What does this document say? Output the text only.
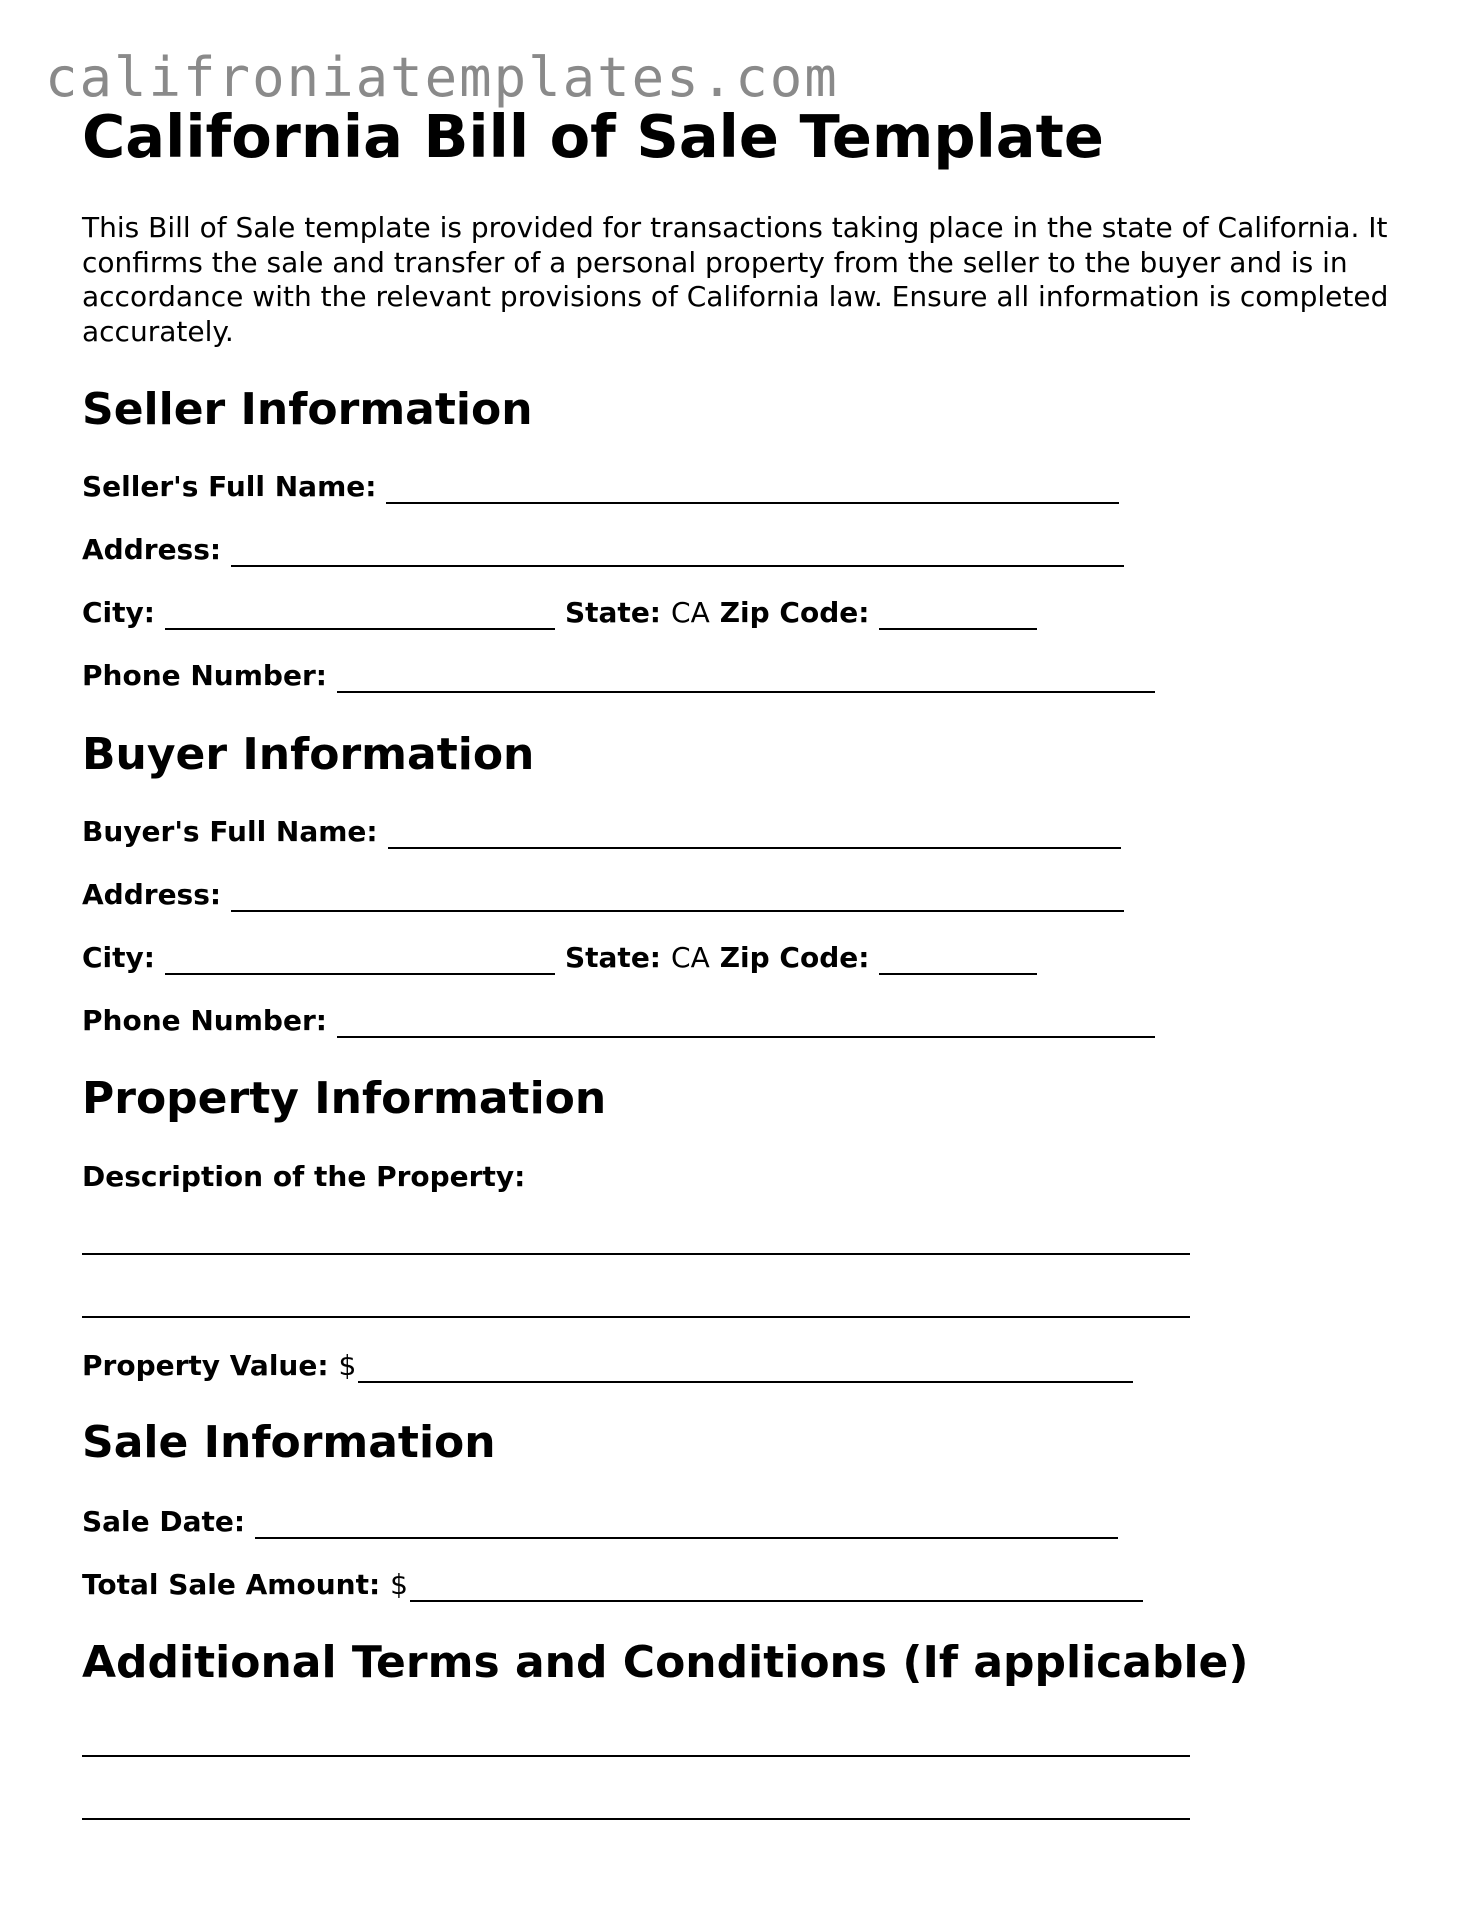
califroniatemplates.com
California Bill of Sale Template

This Bill of Sale template is provided for transactions taking place in the state of California. It confirms the sale and transfer of a personal property from the seller to the buyer and is in accordance with the relevant provisions of California law. Ensure all information is completed accurately.

Seller Information
Seller's Full Name:
Address:
City:	State: CA Zip Code:
Phone Number:
Buyer Information
Buyer's Full Name:
Address:
City:	State: CA Zip Code:
Phone Number:
Property Information
Description of the Property:
Property Value: $
Sale Information
Sale Date:
Total Sale Amount: $
Additional Terms and Conditions (If applicable)
